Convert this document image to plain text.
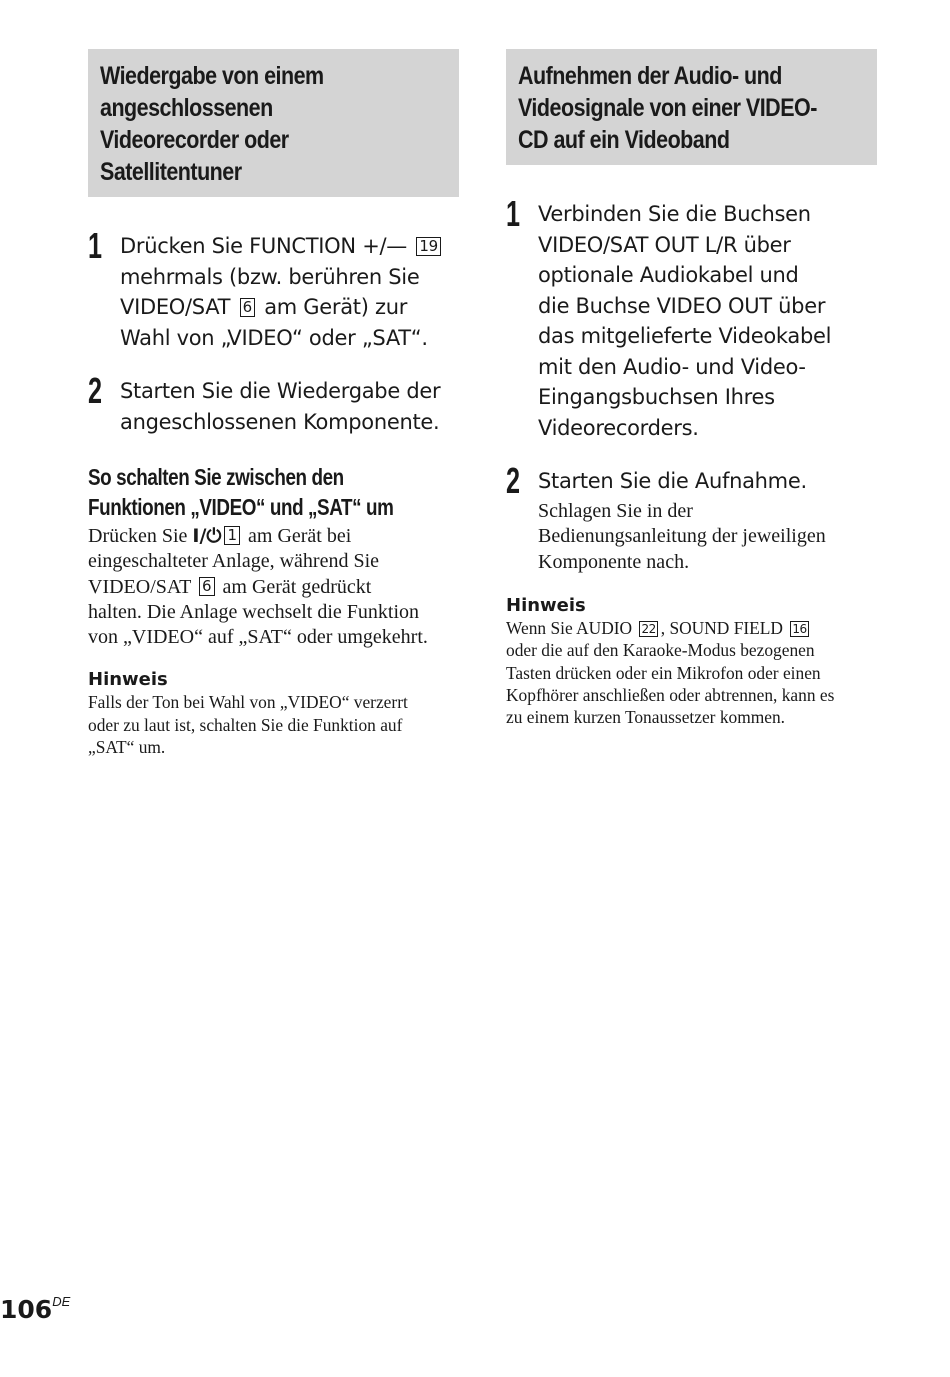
Wiedergabe von einem
angeschlossenen
Videorecorder oder
Satellitentuner
1 Drücken Sie FUNCTION +/— 19
mehrmals (bzw. berühren Sie
VIDEO/SAT 6 am Gerät) zur
Wahl von „VIDEO“ oder „SAT“.
2 Starten Sie die Wiedergabe der
angeschlossenen Komponente.
So schalten Sie zwischen den
Funktionen „VIDEO“ und „SAT“ um
Drücken Sie I/⏻ 1 am Gerät bei
eingeschalteter Anlage, während Sie
VIDEO/SAT 6 am Gerät gedrückt
halten. Die Anlage wechselt die Funktion
von „VIDEO“ auf „SAT“ oder umgekehrt.
Hinweis
Falls der Ton bei Wahl von „VIDEO“ verzerrt
oder zu laut ist, schalten Sie die Funktion auf
„SAT“ um.
Aufnehmen der Audio- und
Videosignale von einer VIDEO-
CD auf ein Videoband
1 Verbinden Sie die Buchsen
VIDEO/SAT OUT L/R über
optionale Audiokabel und
die Buchse VIDEO OUT über
das mitgelieferte Videokabel
mit den Audio- und Video-
Eingangsbuchsen Ihres
Videorecorders.
2 Starten Sie die Aufnahme.
Schlagen Sie in der
Bedienungsanleitung der jeweiligen
Komponente nach.
Hinweis
Wenn Sie AUDIO 22 , SOUND FIELD 16
oder die auf den Karaoke-Modus bezogenen
Tasten drücken oder ein Mikrofon oder einen
Kopfhörer anschließen oder abtrennen, kann es
zu einem kurzen Tonaussetzer kommen.
106DE
